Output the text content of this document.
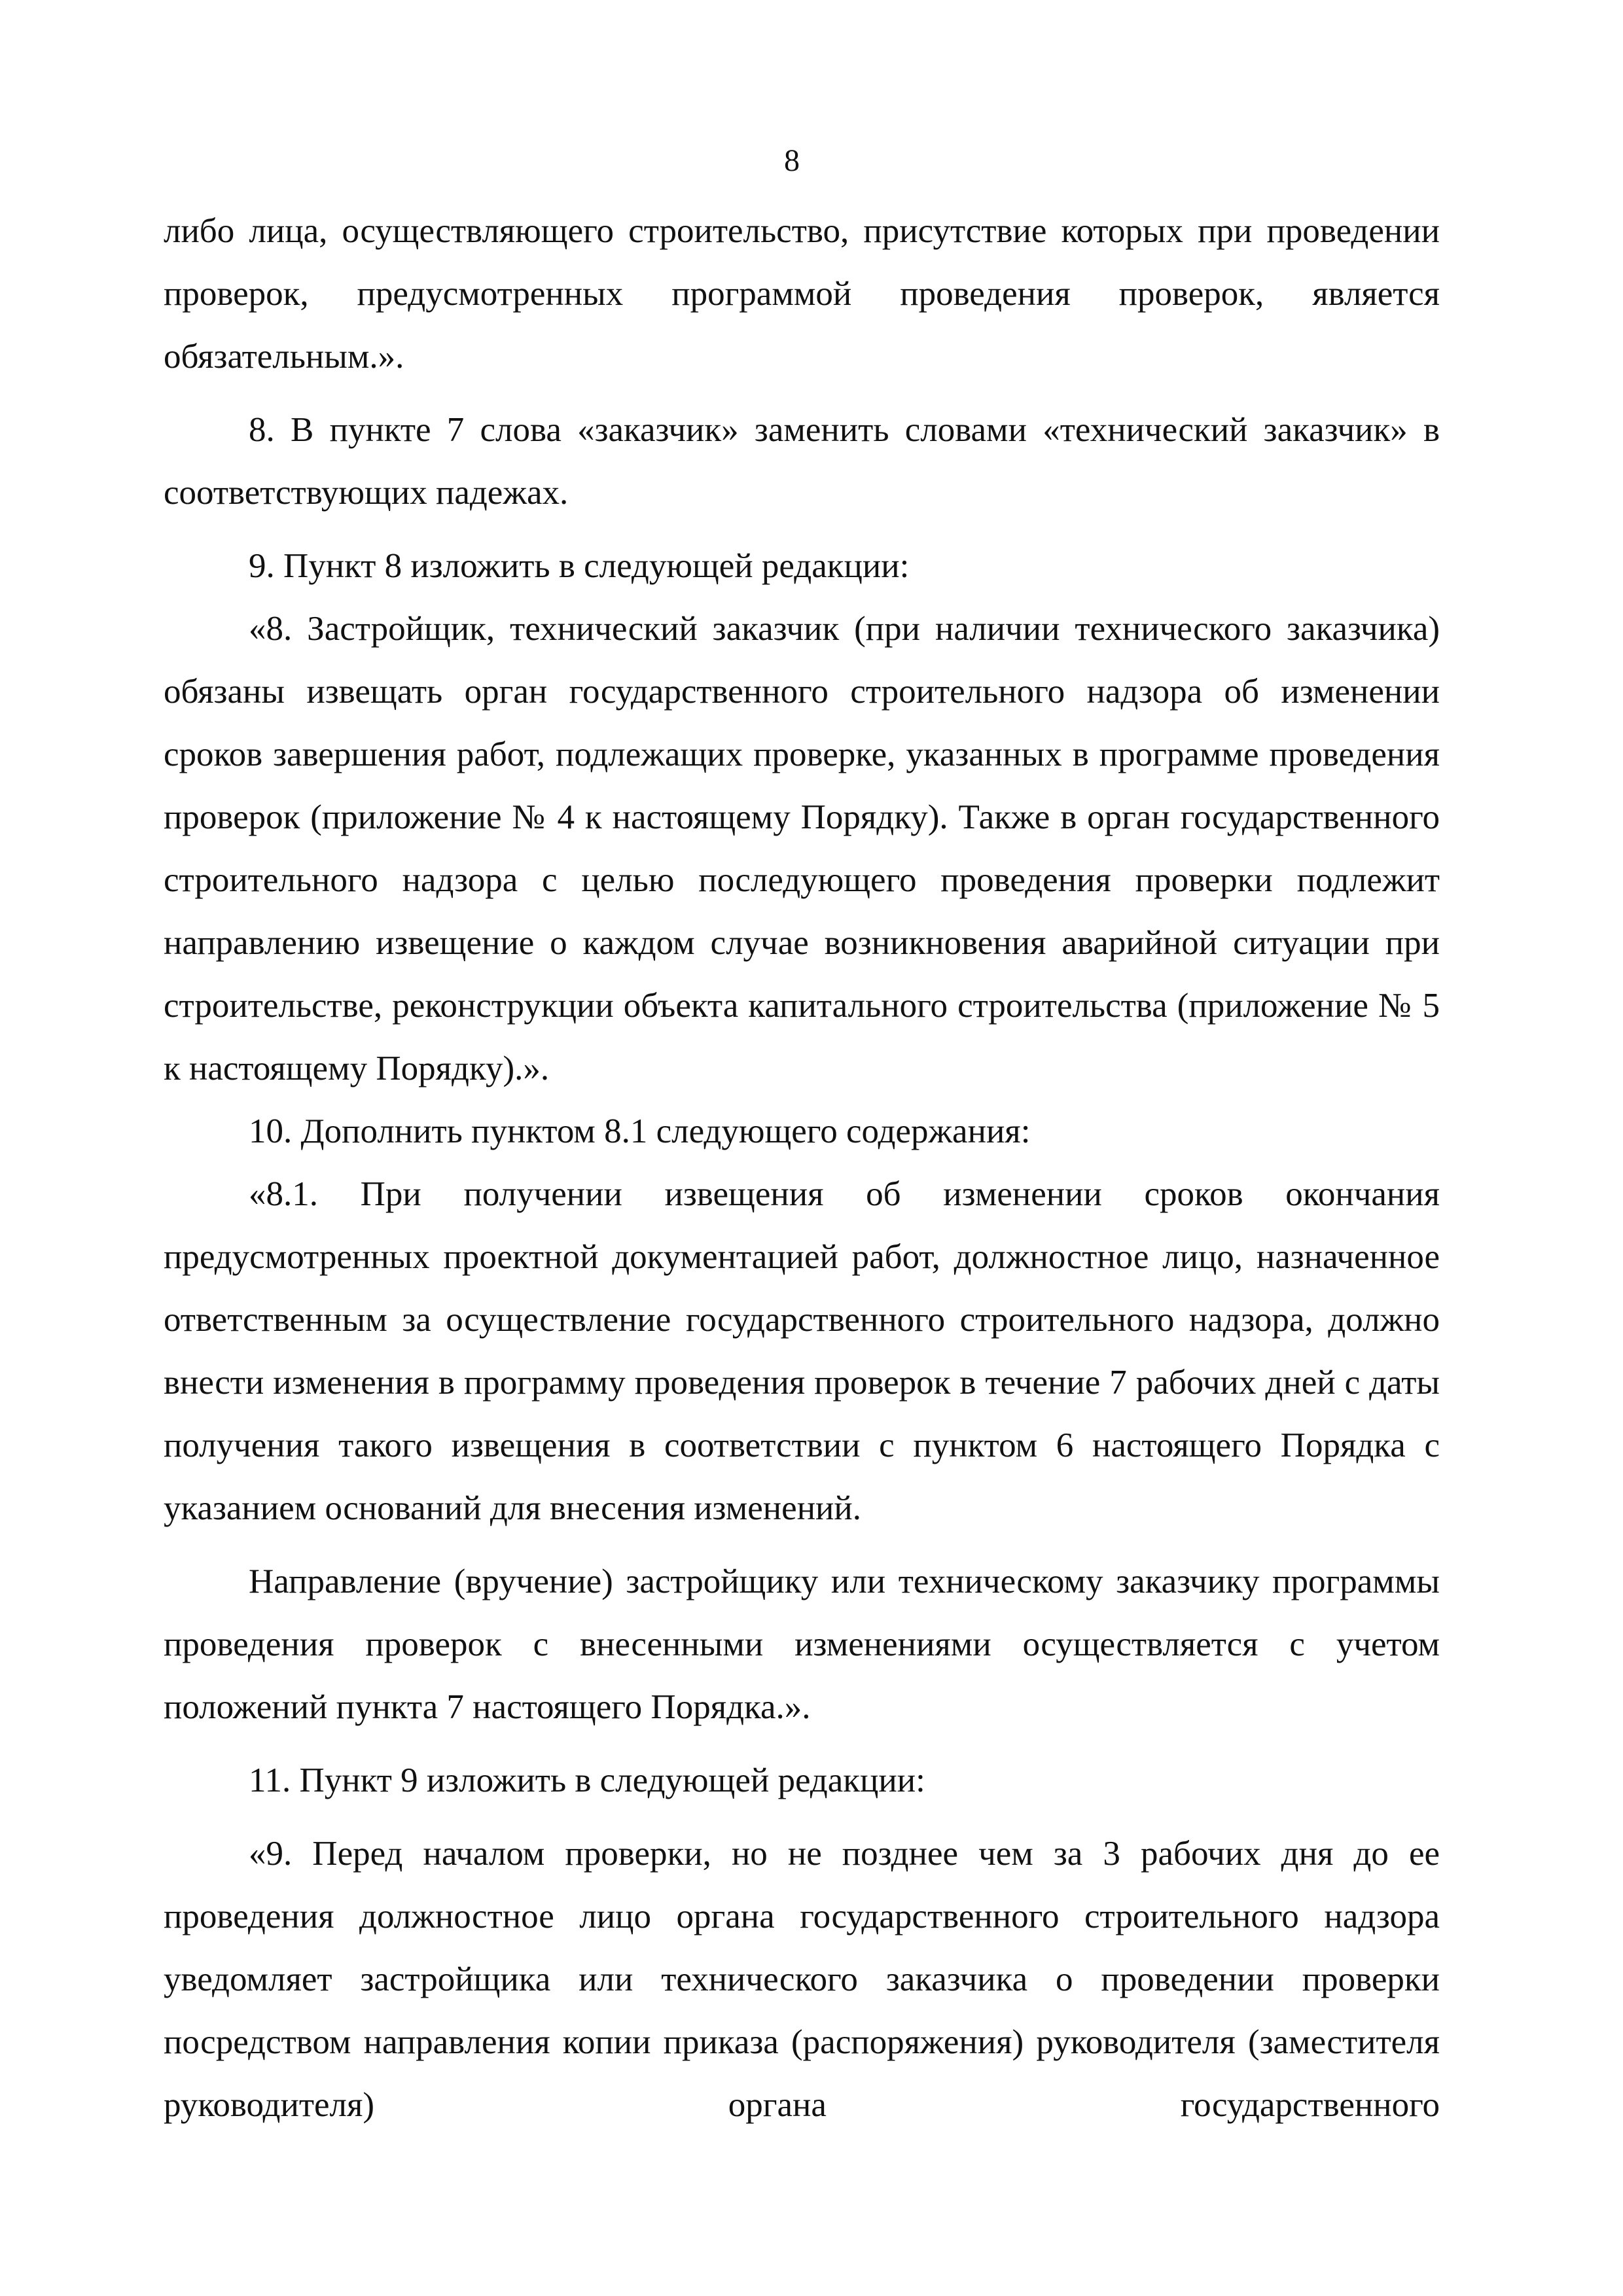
8

либо лица, осуществляющего строительство, присутствие которых при проведении проверок, предусмотренных программой проведения проверок, является обязательным.».

8. В пункте 7 слова «заказчик» заменить словами «технический заказчик» в соответствующих падежах.

9. Пункт 8 изложить в следующей редакции:

«8. Застройщик, технический заказчик (при наличии технического заказчика) обязаны извещать орган государственного строительного надзора об изменении сроков завершения работ, подлежащих проверке, указанных в программе проведения проверок (приложение № 4 к настоящему Порядку). Также в орган государственного строительного надзора с целью последующего проведения проверки подлежит направлению извещение о каждом случае возникновения аварийной ситуации при строительстве, реконструкции объекта капитального строительства (приложение № 5 к настоящему Порядку).».

10. Дополнить пунктом 8.1 следующего содержания:

«8.1. При получении извещения об изменении сроков окончания предусмотренных проектной документацией работ, должностное лицо, назначенное ответственным за осуществление государственного строительного надзора, должно внести изменения в программу проведения проверок в течение 7 рабочих дней с даты получения такого извещения в соответствии с пунктом 6 настоящего Порядка с указанием оснований для внесения изменений.

Направление (вручение) застройщику или техническому заказчику программы проведения проверок с внесенными изменениями осуществляется с учетом положений пункта 7 настоящего Порядка.».

11. Пункт 9 изложить в следующей редакции:

«9. Перед началом проверки, но не позднее чем за 3 рабочих дня до ее проведения должностное лицо органа государственного строительного надзора уведомляет застройщика или технического заказчика о проведении проверки посредством направления копии приказа (распоряжения) руководителя (заместителя руководителя) органа государственного
